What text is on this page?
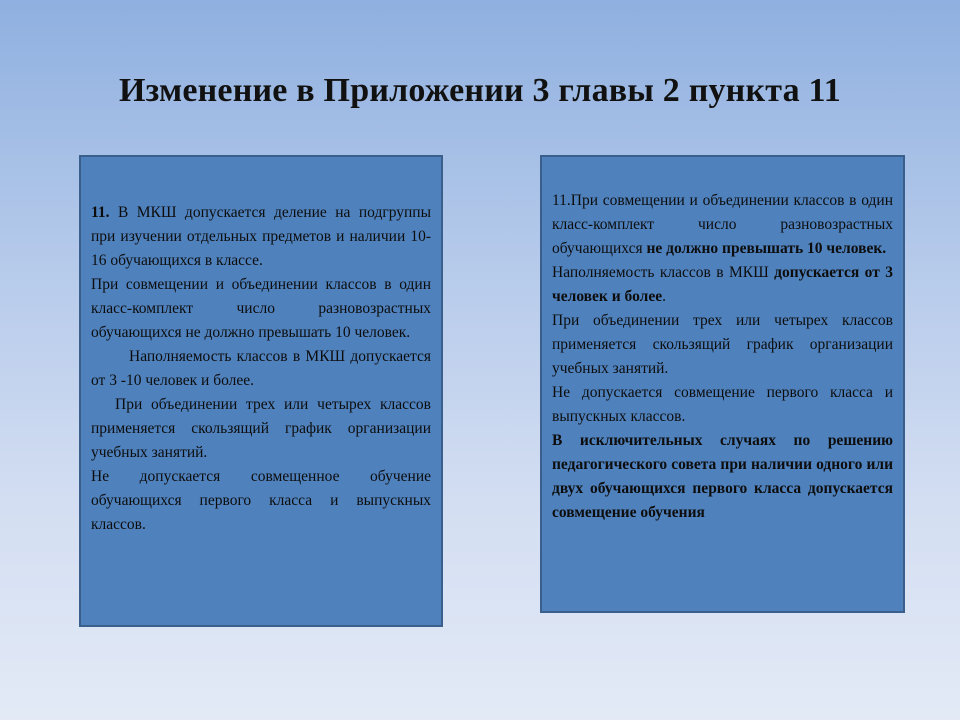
Изменение в Приложении 3 главы 2 пункта 11

11. В МКШ допускается деление на подгруппы при изучении отдельных предметов и наличии 10-16 обучающихся в классе.

При совмещении и объединении классов в один класс-комплект число разновозрастных обучающихся не должно превышать 10 человек.

Наполняемость классов в МКШ допускается от 3 -10 человек и более.

При объединении трех или четырех классов применяется скользящий график организации учебных занятий.

Не допускается совмещенное обучение обучающихся первого класса и выпускных классов.

11.При совмещении и объединении классов в один класс-комплект число разновозрастных обучающихся не должно превышать 10 человек.

Наполняемость классов в МКШ допускается от 3 человек и более.

При объединении трех или четырех классов применяется скользящий график организации учебных занятий.

Не допускается совмещение первого класса и выпускных классов.

В исключительных случаях по решению педагогического совета при наличии одного или двух обучающихся первого класса допускается совмещение обучения
